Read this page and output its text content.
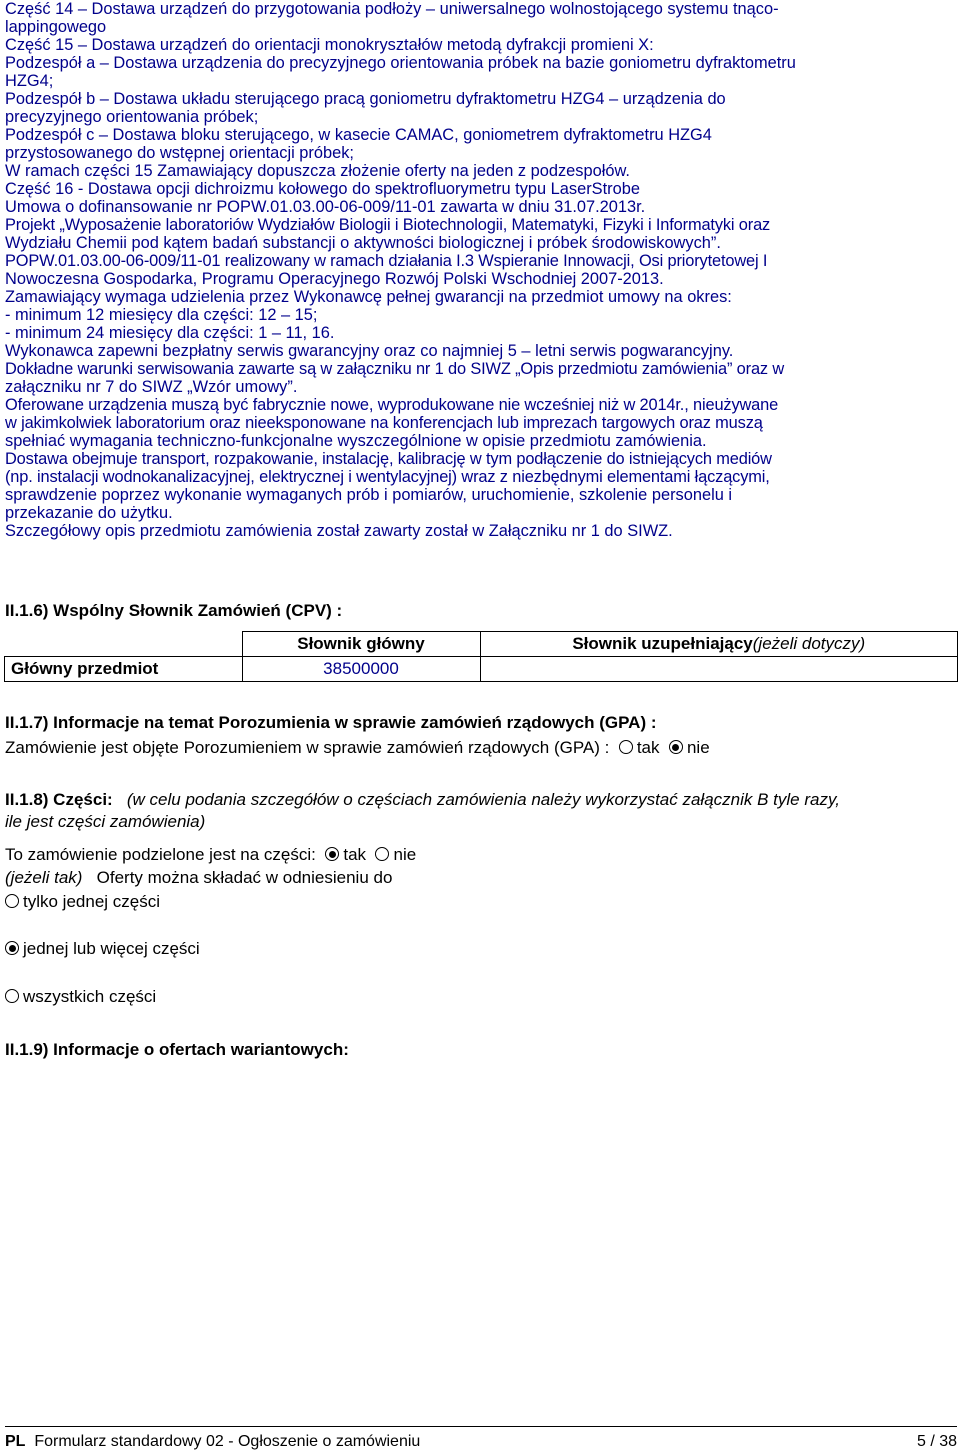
Część 14 – Dostawa urządzeń do przygotowania podłoży – uniwersalnego wolnostojącego systemu tnąco-
lappingowego
Część 15 – Dostawa urządzeń do orientacji monokryształów metodą dyfrakcji promieni X:
Podzespół a – Dostawa urządzenia do precyzyjnego orientowania próbek na bazie goniometru dyfraktometru
HZG4;
Podzespół b – Dostawa układu sterującego pracą goniometru dyfraktometru HZG4 – urządzenia do
precyzyjnego orientowania próbek;
Podzespół c – Dostawa bloku sterującego, w kasecie CAMAC, goniometrem dyfraktometru HZG4
przystosowanego do wstępnej orientacji próbek;
W ramach części 15 Zamawiający dopuszcza złożenie oferty na jeden z podzespołów.
Część 16 - Dostawa opcji dichroizmu kołowego do spektrofluorymetru typu LaserStrobe
Umowa o dofinansowanie nr POPW.01.03.00-06-009/11-01 zawarta w dniu 31.07.2013r.
Projekt „Wyposażenie laboratoriów Wydziałów Biologii i Biotechnologii, Matematyki, Fizyki i Informatyki oraz
Wydziału Chemii pod kątem badań substancji o aktywności biologicznej i próbek środowiskowych”.
POPW.01.03.00-06-009/11-01 realizowany w ramach działania I.3 Wspieranie Innowacji, Osi priorytetowej I
Nowoczesna Gospodarka, Programu Operacyjnego Rozwój Polski Wschodniej 2007-2013.
Zamawiający wymaga udzielenia przez Wykonawcę pełnej gwarancji na przedmiot umowy na okres:
- minimum 12 miesięcy dla części: 12 – 15;
- minimum 24 miesięcy dla części: 1 – 11, 16.
Wykonawca zapewni bezpłatny serwis gwarancyjny oraz co najmniej 5 – letni serwis pogwarancyjny.
Dokładne warunki serwisowania zawarte są w załączniku nr 1 do SIWZ „Opis przedmiotu zamówienia” oraz w
załączniku nr 7 do SIWZ „Wzór umowy”.
Oferowane urządzenia muszą być fabrycznie nowe, wyprodukowane nie wcześniej niż w 2014r., nieużywane
w jakimkolwiek laboratorium oraz nieeksponowane na konferencjach lub imprezach targowych oraz muszą
spełniać wymagania techniczno-funkcjonalne wyszczególnione w opisie przedmiotu zamówienia.
Dostawa obejmuje transport, rozpakowanie, instalację, kalibrację w tym podłączenie do istniejących mediów
(np. instalacji wodnokanalizacyjnej, elektrycznej i wentylacyjnej) wraz z niezbędnymi elementami łączącymi,
sprawdzenie poprzez wykonanie wymaganych prób i pomiarów, uruchomienie, szkolenie personelu i
przekazanie do użytku.
Szczegółowy opis przedmiotu zamówienia został zawarty został w Załączniku nr 1 do SIWZ.
II.1.6) Wspólny Słownik Zamówień (CPV) :
	Słownik główny	Słownik uzupełniający(jeżeli dotyczy)
Główny przedmiot	38500000	
II.1.7) Informacje na temat Porozumienia w sprawie zamówień rządowych (GPA) :
Zamówienie jest objęte Porozumieniem w sprawie zamówień rządowych (GPA) : tak nie
II.1.8) Części: (w celu podania szczegółów o częściach zamówienia należy wykorzystać załącznik B tyle razy,
ile jest części zamówienia)
To zamówienie podzielone jest na części: tak nie
(jeżeli tak) Oferty można składać w odniesieniu do
tylko jednej części
jednej lub więcej części
wszystkich części
II.1.9) Informacje o ofertach wariantowych:
PL Formularz standardowy 02 - Ogłoszenie o zamówieniu	5 / 38
